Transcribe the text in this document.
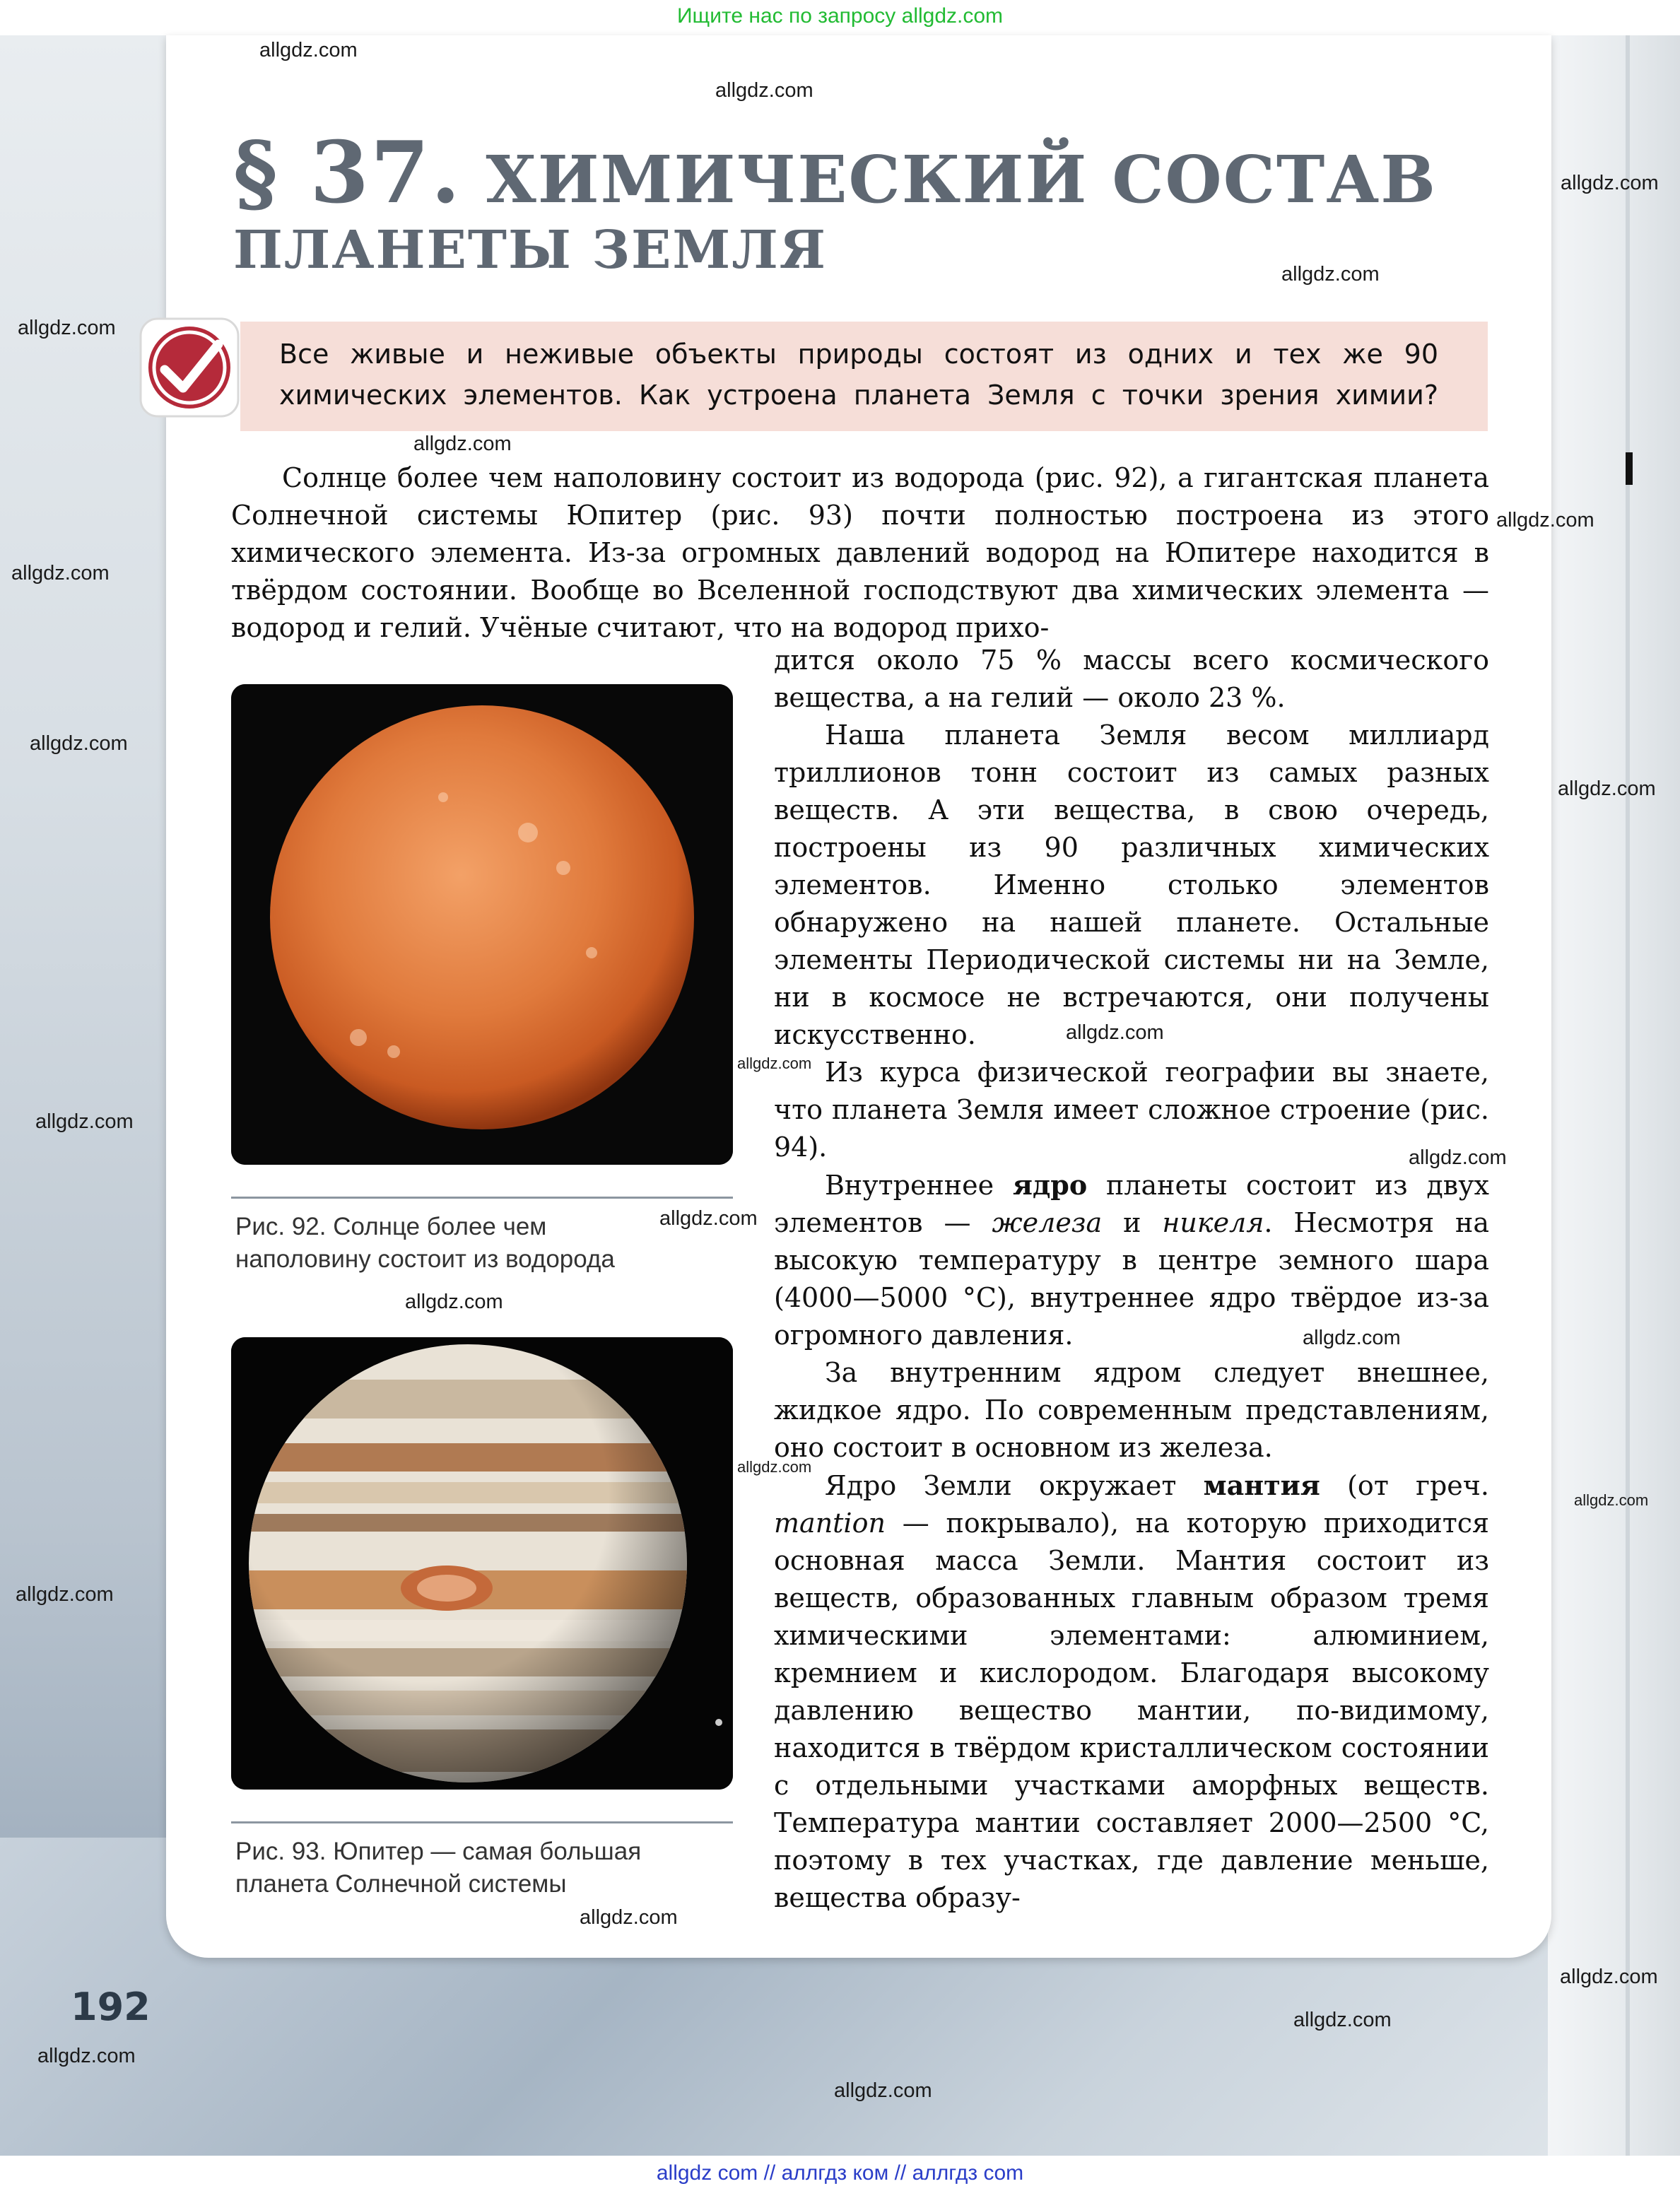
Ищите нас по запросу allgdz.com
§ 37. ХИМИЧЕСКИЙ СОСТАВ
ПЛАНЕТЫ ЗЕМЛЯ
Все живые и неживые объекты природы состоят из одних и тех же 90
химических элементов. Как устроена планета Земля с точки зрения химии?

Солнце более чем наполовину состоит из водорода (рис. 92), а гигантская планета Солнечной системы Юпитер (рис. 93) почти полностью построена из этого химического элемента. Из-за огромных давлений водород на Юпитере находится в твёрдом состоянии. Вообще во Вселенной господствуют два химических элемента — водород и гелий. Учёные считают, что на водород прихо-

дится около 75 % массы всего космического вещества, а на гелий — около 23 %.

Наша планета Земля весом миллиард триллионов тонн состоит из самых разных веществ. А эти вещества, в свою очередь, построены из 90 различных химических элементов. Именно столько элементов обнаружено на нашей планете. Остальные элементы Периодической системы ни на Земле, ни в космосе не встречаются, они получены искусственно.

Из курса физической географии вы знаете, что планета Земля имеет сложное строение (рис. 94).

Внутреннее ядро планеты состоит из двух элементов — железа и никеля. Несмотря на высокую температуру в центре земного шара (4000—5000 °C), внутреннее ядро твёрдое из-за огромного давления.

За внутренним ядром следует внешнее, жидкое ядро. По современным представлениям, оно состоит в основном из железа.

Ядро Земли окружает мантия (от греч. mantion — покрывало), на которую приходится основная масса Земли. Мантия состоит из веществ, образованных главным образом тремя химическими элементами: алюминием, кремнием и кислородом. Благодаря высокому давлению вещество мантии, по-видимому, находится в твёрдом кристаллическом состоянии с отдельными участками аморфных веществ. Температура мантии составляет 2000—2500 °C, поэтому в тех участках, где давление меньше, вещества образу-

Рис. 92. Солнце более чем
наполовину состоит из водорода
Рис. 93. Юпитер — самая большая
планета Солнечной системы
192
allgdz.com
allgdz.com
allgdz.com
allgdz.com
allgdz.com
allgdz.com
allgdz.com
allgdz.com
allgdz.com
allgdz.com
allgdz.com
allgdz.com
allgdz.com
allgdz.com
allgdz.com
allgdz.com
allgdz.com
allgdz.com
allgdz.com
allgdz.com
allgdz.com
allgdz.com
allgdz.com
allgdz.com
allgdz.com
allgdz com // аллгдз ком // аллгдз com
